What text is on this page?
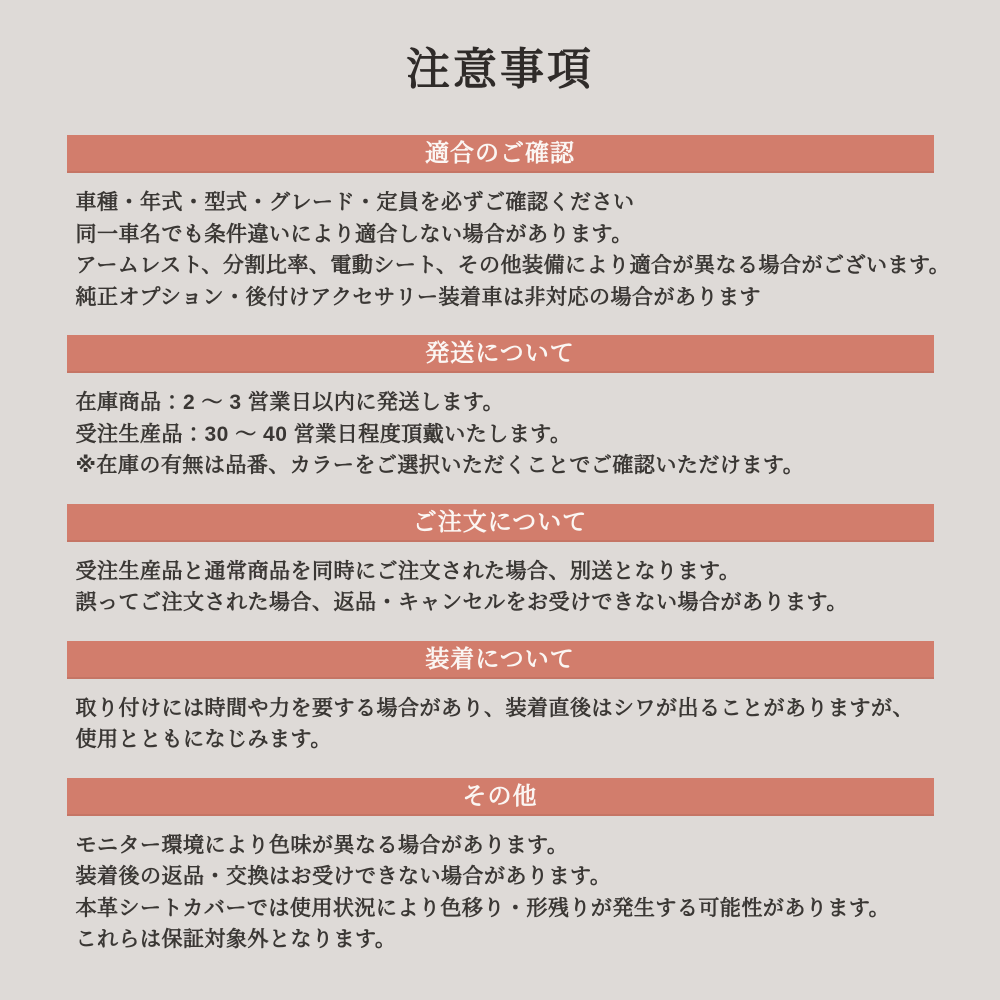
注意事項
適合のご確認

車種・年式・型式・グレード・定員を必ずご確認ください

同一車名でも条件違いにより適合しない場合があります。

アームレスト、分割比率、電動シート、その他装備により適合が異なる場合がございます。

純正オプション・後付けアクセサリー装着車は非対応の場合があります

発送について

在庫商品：2 ～ 3 営業日以内に発送します。

受注生産品：30 ～ 40 営業日程度頂戴いたします。

※在庫の有無は品番、カラーをご選択いただくことでご確認いただけます。

ご注文について

受注生産品と通常商品を同時にご注文された場合、別送となります。

誤ってご注文された場合、返品・キャンセルをお受けできない場合があります。

装着について

取り付けには時間や力を要する場合があり、装着直後はシワが出ることがありますが、

使用とともになじみます。

その他

モニター環境により色味が異なる場合があります。

装着後の返品・交換はお受けできない場合があります。

本革シートカバーでは使用状況により色移り・形残りが発生する可能性があります。

これらは保証対象外となります。
